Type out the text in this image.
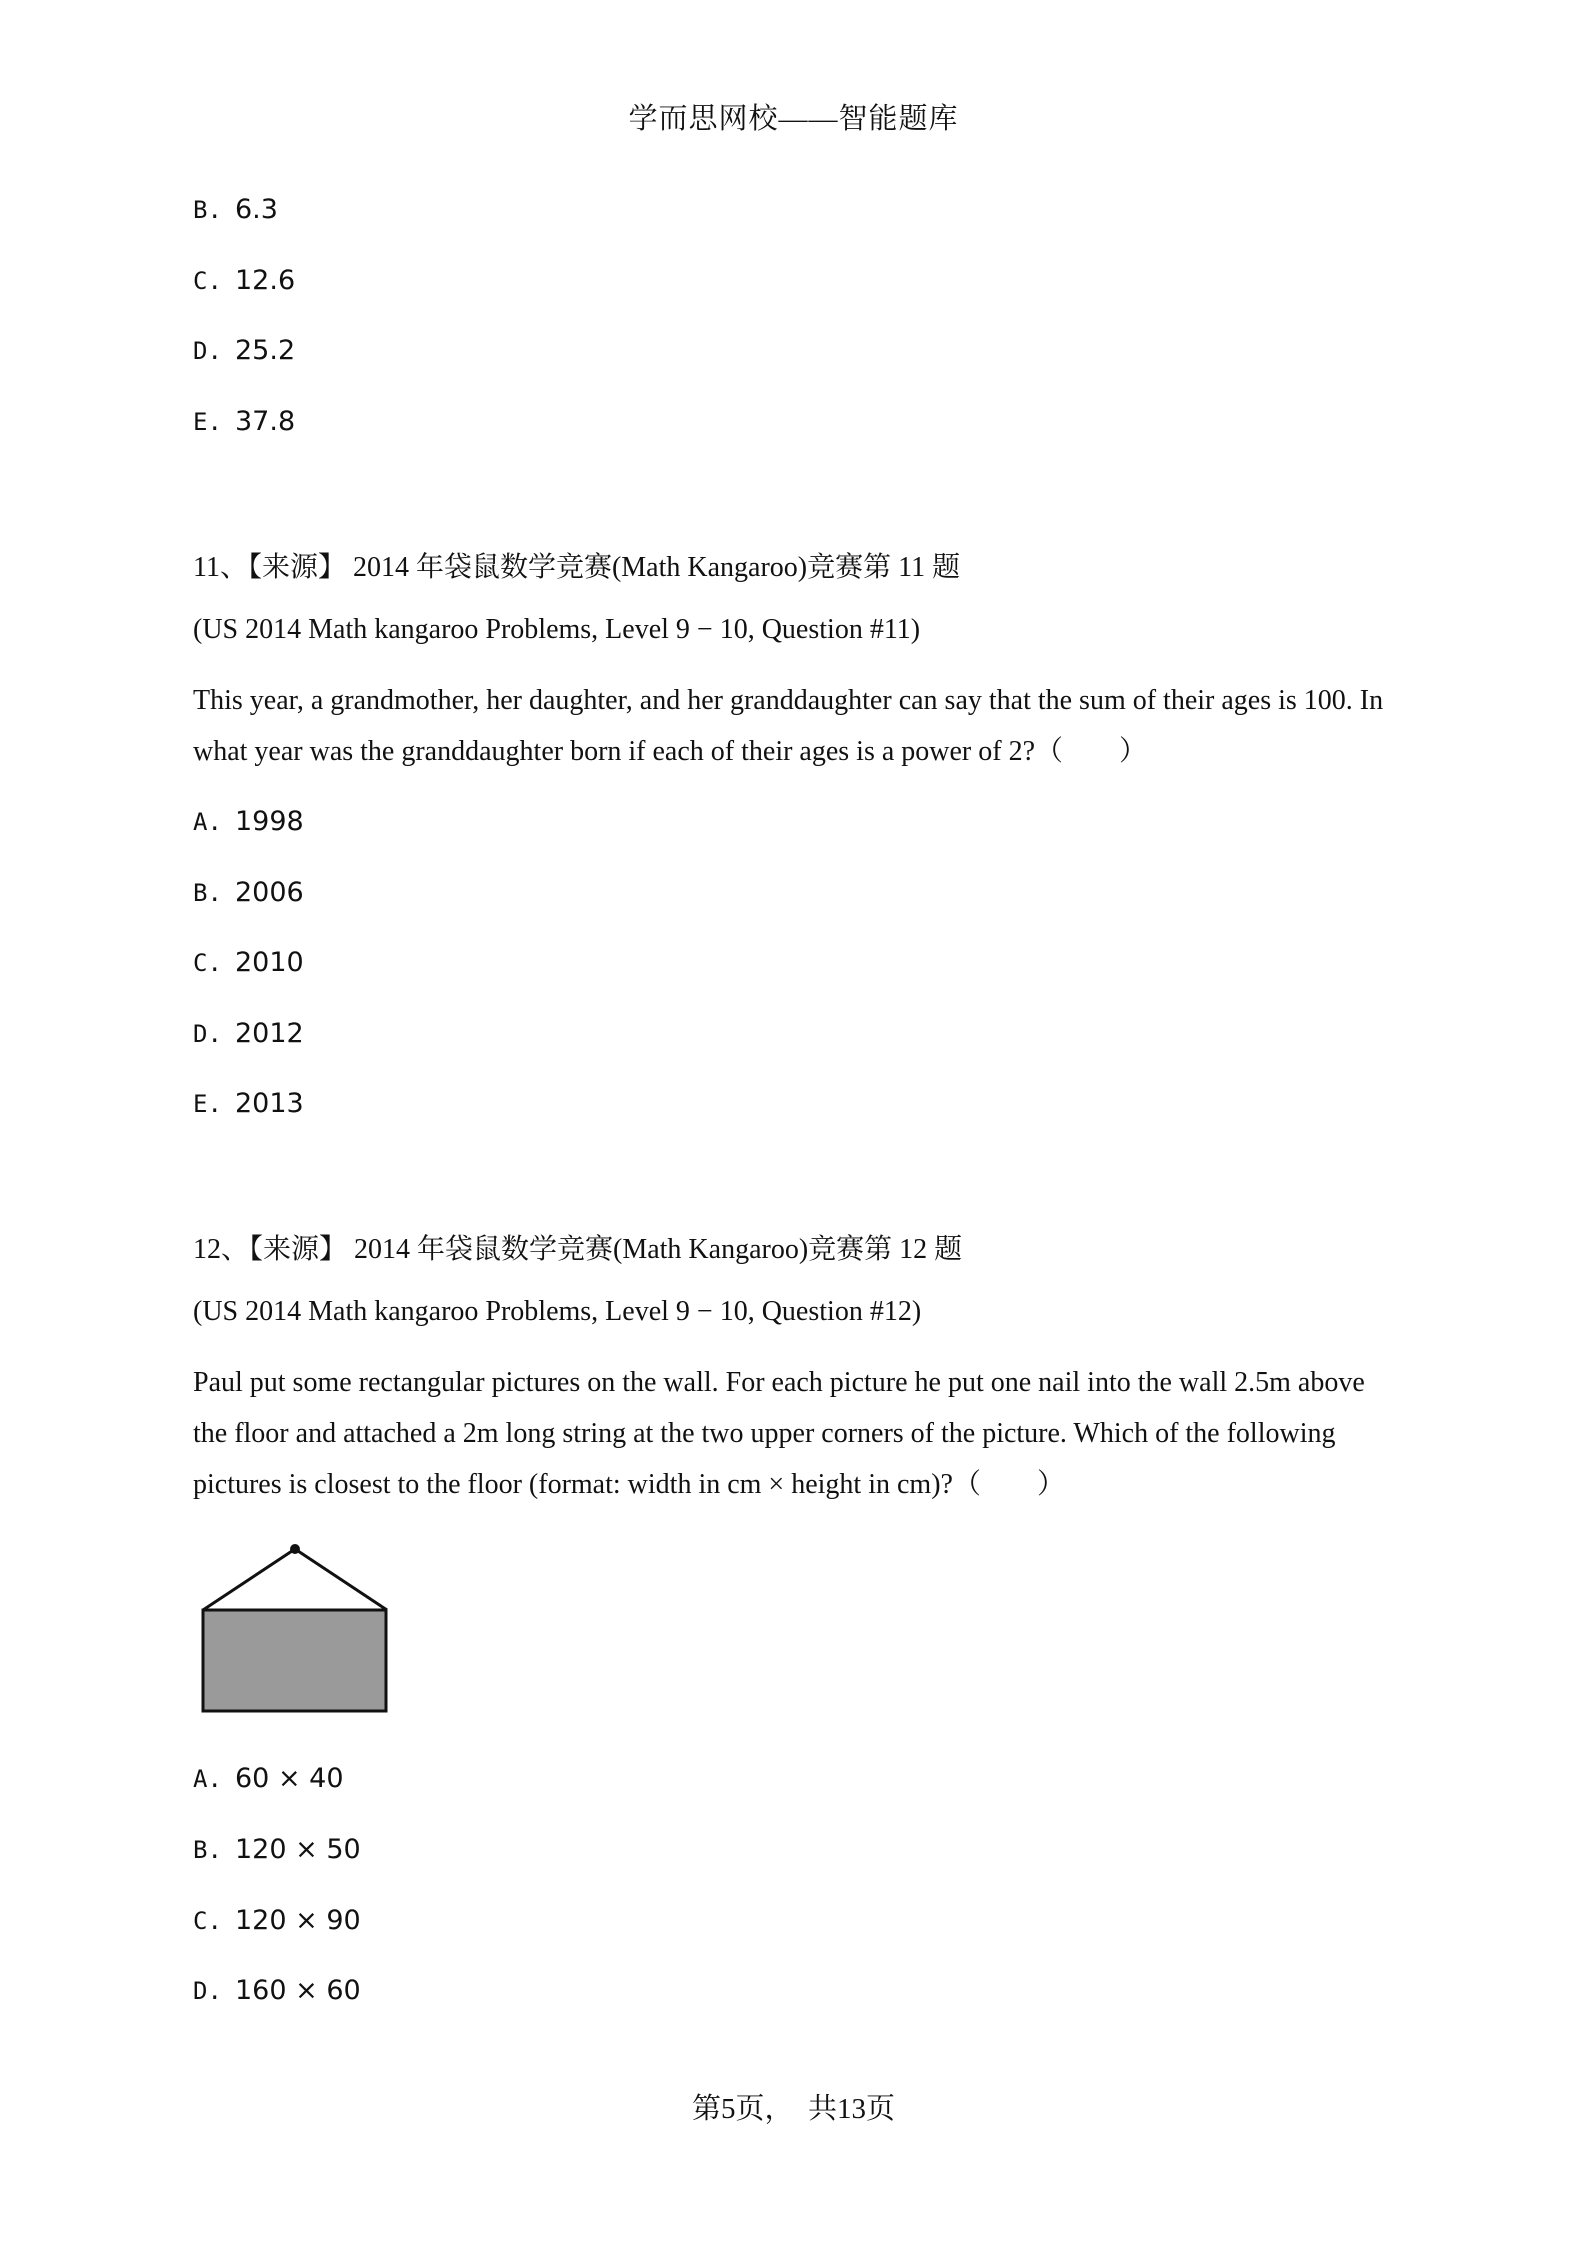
学而思网校——智能题库
B. 6.3
C. 12.6
D. 25.2
E. 37.8
11、【来源】 2014 年袋鼠数学竞赛(Math Kangaroo)竞赛第 11 题
(US 2014 Math kangaroo Problems, Level 9 − 10, Question #11)
This year, a grandmother, her daughter, and her granddaughter can say that the sum of their ages is 100. In
what year was the granddaughter born if each of their ages is a power of 2?（　　）
A. 1998
B. 2006
C. 2010
D. 2012
E. 2013
12、【来源】 2014 年袋鼠数学竞赛(Math Kangaroo)竞赛第 12 题
(US 2014 Math kangaroo Problems, Level 9 − 10, Question #12)
Paul put some rectangular pictures on the wall. For each picture he put one nail into the wall 2.5m above
the floor and attached a 2m long string at the two upper corners of the picture. Which of the following
pictures is closest to the floor (format: width in cm × height in cm)?（　　）
A. 60 × 40
B. 120 × 50
C. 120 × 90
D. 160 × 60
第5页，　共13页
